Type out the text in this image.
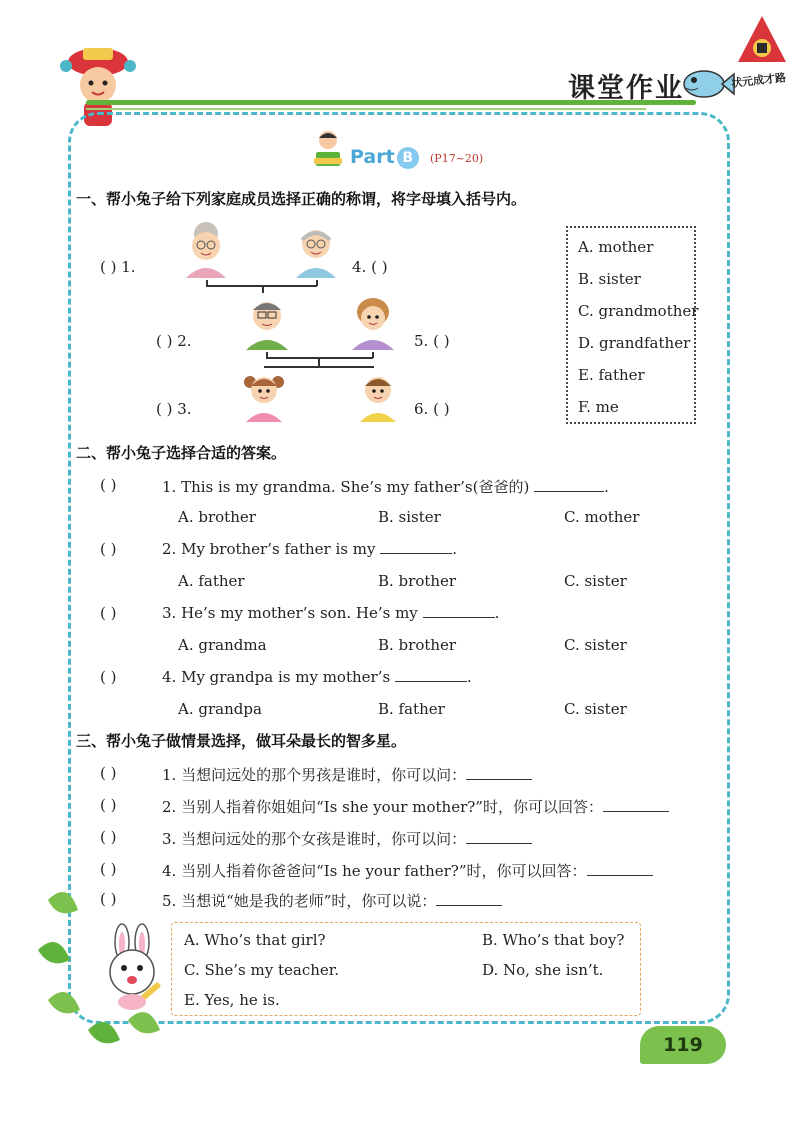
课堂作业	状元成才路
Part B	(P17~20)
一、帮小兔子给下列家庭成员选择正确的称谓，将字母填入括号内。
( ) 1.	4. ( )
( ) 2.	5. ( )
( ) 3.	6. ( )
A. mother
B. sister
C. grandmother
D. grandfather
E. father
F. me
二、帮小兔子选择合适的答案。
( )	1. This is my grandma. She’s my father’s(爸爸的)	.
A. brother	B. sister	C. mother
( )	2. My brother’s father is my	.
A. father	B. brother	C. sister
( )	3. He’s my mother’s son. He’s my	.
A. grandma	B. brother	C. sister
( )	4. My grandpa is my mother’s	.
A. grandpa	B. father	C. sister
三、帮小兔子做情景选择，做耳朵最长的智多星。
( )	1. 当想问远处的那个男孩是谁时，你可以问：
( )	2. 当别人指着你姐姐问“Is she your mother?”时，你可以回答：
( )	3. 当想问远处的那个女孩是谁时，你可以问：
( )	4. 当别人指着你爸爸问“Is he your father?”时，你可以回答：
( )	5. 当想说“她是我的老师”时，你可以说：
A. Who’s that girl?	B. Who’s that boy?
C. She’s my teacher.	D. No, she isn’t.
E. Yes, he is.
119
